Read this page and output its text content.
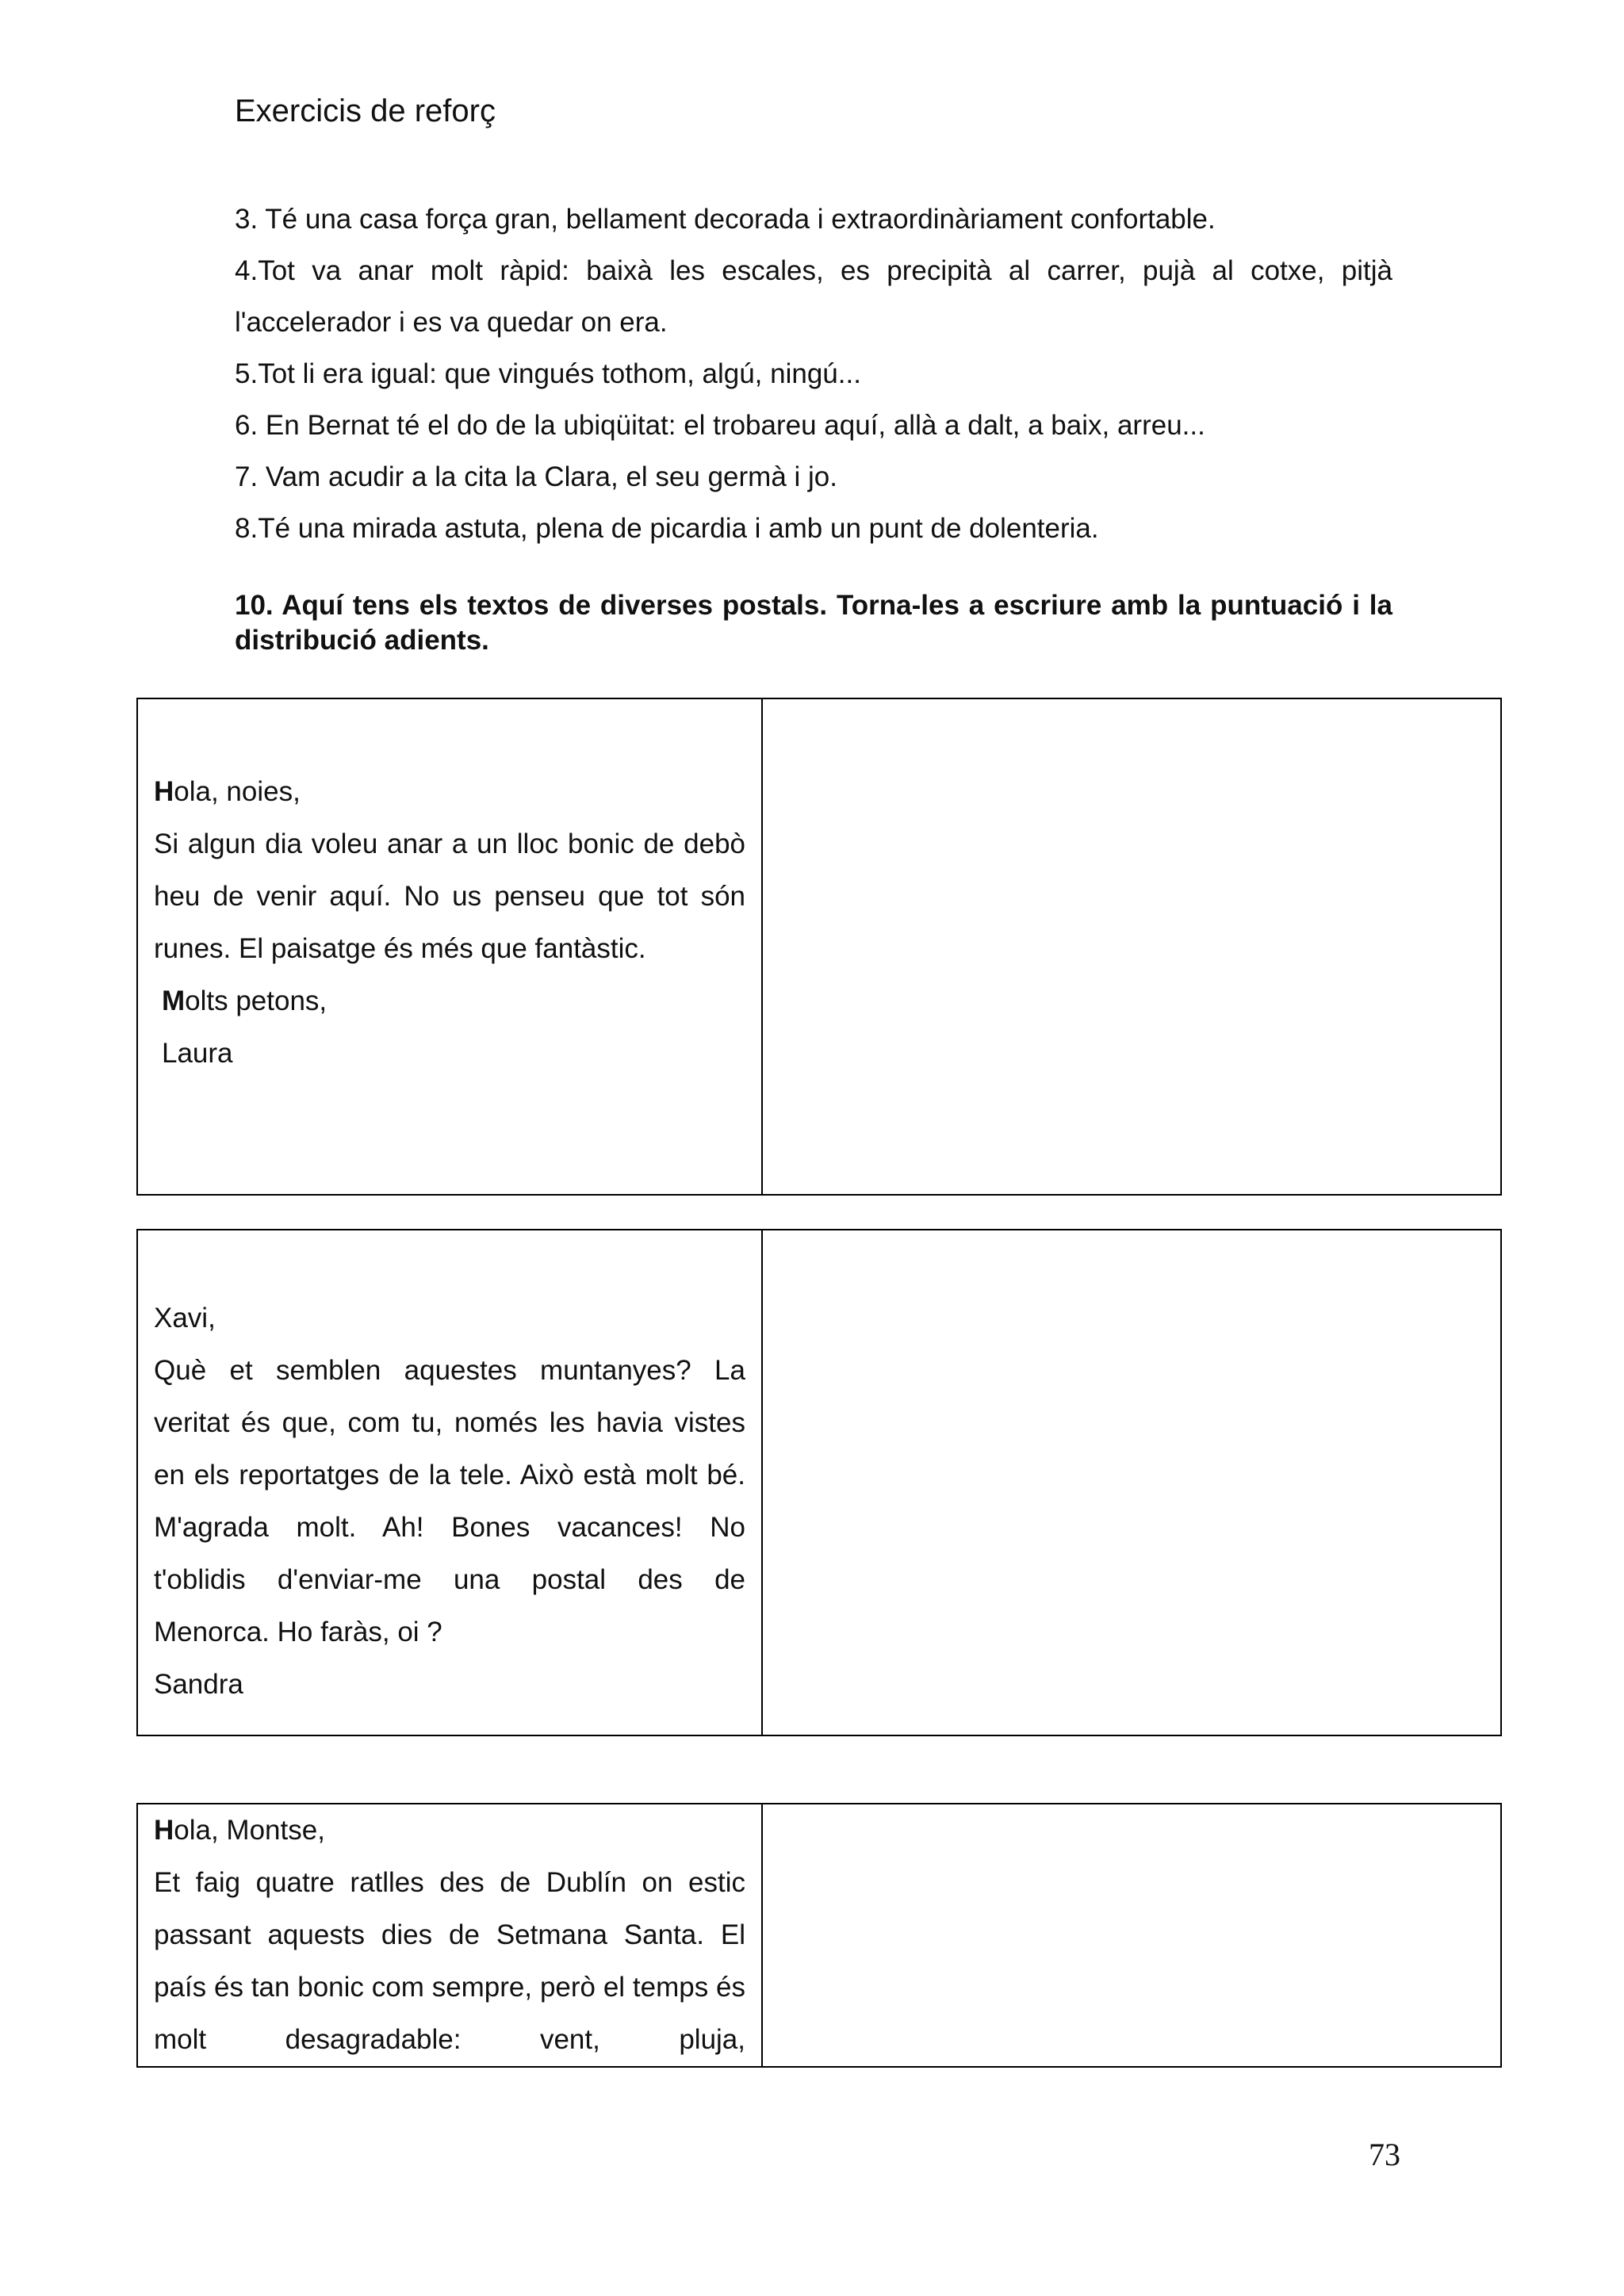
Exercicis de reforç
3. Té una casa força gran, bellament decorada i extraordinàriament confortable.
4.Tot va anar molt ràpid: baixà les escales, es precipità al carrer, pujà al cotxe, pitjà
l'accelerador i es va quedar on era.
5.Tot li era igual: que vingués tothom, algú, ningú...
6. En Bernat té el do de la ubiqüitat: el trobareu aquí, allà a dalt, a baix, arreu...
7. Vam acudir a la cita la Clara, el seu germà i jo.
8.Té una mirada astuta, plena de picardia i amb un punt de dolenteria.
10. Aquí tens els textos de diverses postals. Torna-les a escriure amb la puntuació i la distribució adients.
Hola, noies,
Si algun dia voleu anar a un lloc bonic de debò heu de venir aquí. No us penseu que tot són runes. El paisatge és més que fantàstic.
Molts petons,
Laura

Xavi,
Què et semblen aquestes muntanyes? La veritat és que, com tu, només les havia vistes en els reportatges de la tele. Això està molt bé. M'agrada molt. Ah! Bones vacances! No t'oblidis d'enviar-me una postal des de Menorca. Ho faràs, oi ?
Sandra

Hola, Montse,
Et faig quatre ratlles des de Dublín on estic passant aquests dies de Setmana Santa. El país és tan bonic com sempre, però el temps és molt desagradable: vent, pluja,

73
